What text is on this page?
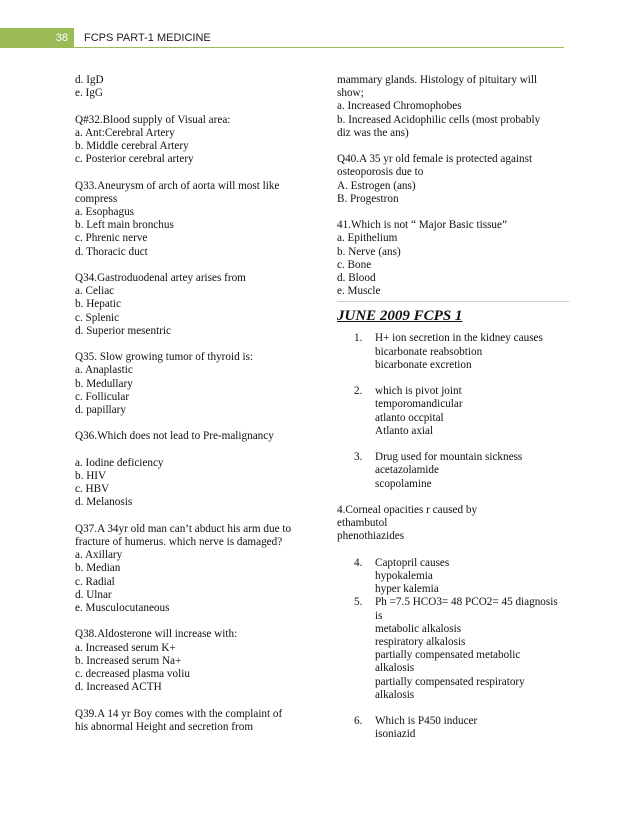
38	FCPS PART-1 MEDICINE
d. IgD
e. IgG
Q#32.Blood supply of Visual area:
a. Ant:Cerebral Artery
b. Middle cerebral Artery
c. Posterior cerebral artery
Q33.Aneurysm of arch of aorta will most like
compress
a. Esophagus
b. Left main bronchus
c. Phrenic nerve
d. Thoracic duct
Q34.Gastroduodenal artey arises from
a. Celiac
b. Hepatic
c. Splenic
d. Superior mesentric
Q35. Slow growing tumor of thyroid is:
a. Anaplastic
b. Medullary
c. Follicular
d. papillary
Q36.Which does not lead to Pre-malignancy
a. Iodine deficiency
b. HIV
c. HBV
d. Melanosis
Q37.A 34yr old man can’t abduct his arm due to
fracture of humerus. which nerve is damaged?
a. Axillary
b. Median
c. Radial
d. Ulnar
e. Musculocutaneous
Q38.Aldosterone will increase with:
a. Increased serum K+
b. Increased serum Na+
c. decreased plasma voliu
d. Increased ACTH
Q39.A 14 yr Boy comes with the complaint of
his abnormal Height and secretion from
mammary glands. Histology of pituitary will
show;
a. Increased Chromophobes
b. Increased Acidophilic cells (most probably
diz was the ans)
Q40.A 35 yr old female is protected against
osteoporosis due to
A. Estrogen (ans)
B. Progestron
41.Which is not “ Major Basic tissue”
a. Epithelium
b. Nerve (ans)
c. Bone
d. Blood
e. Muscle
JUNE 2009 FCPS 1
1. H+ ion secretion in the kidney causes
bicarbonate reabsobtion
bicarbonate excretion
2. which is pivot joint
temporomandicular
atlanto occpital
Atlanto axial
3. Drug used for mountain sickness
acetazolamide
scopolamine
4.Corneal opacities r caused by
ethambutol
phenothiazides
4. Captopril causes
hypokalemia
hyper kalemia
5. Ph =7.5 HCO3= 48 PCO2= 45 diagnosis
is
metabolic alkalosis
respiratory alkalosis
partially compensated metabolic
alkalosis
partially compensated respiratory
alkalosis
6. Which is P450 inducer
isoniazid
